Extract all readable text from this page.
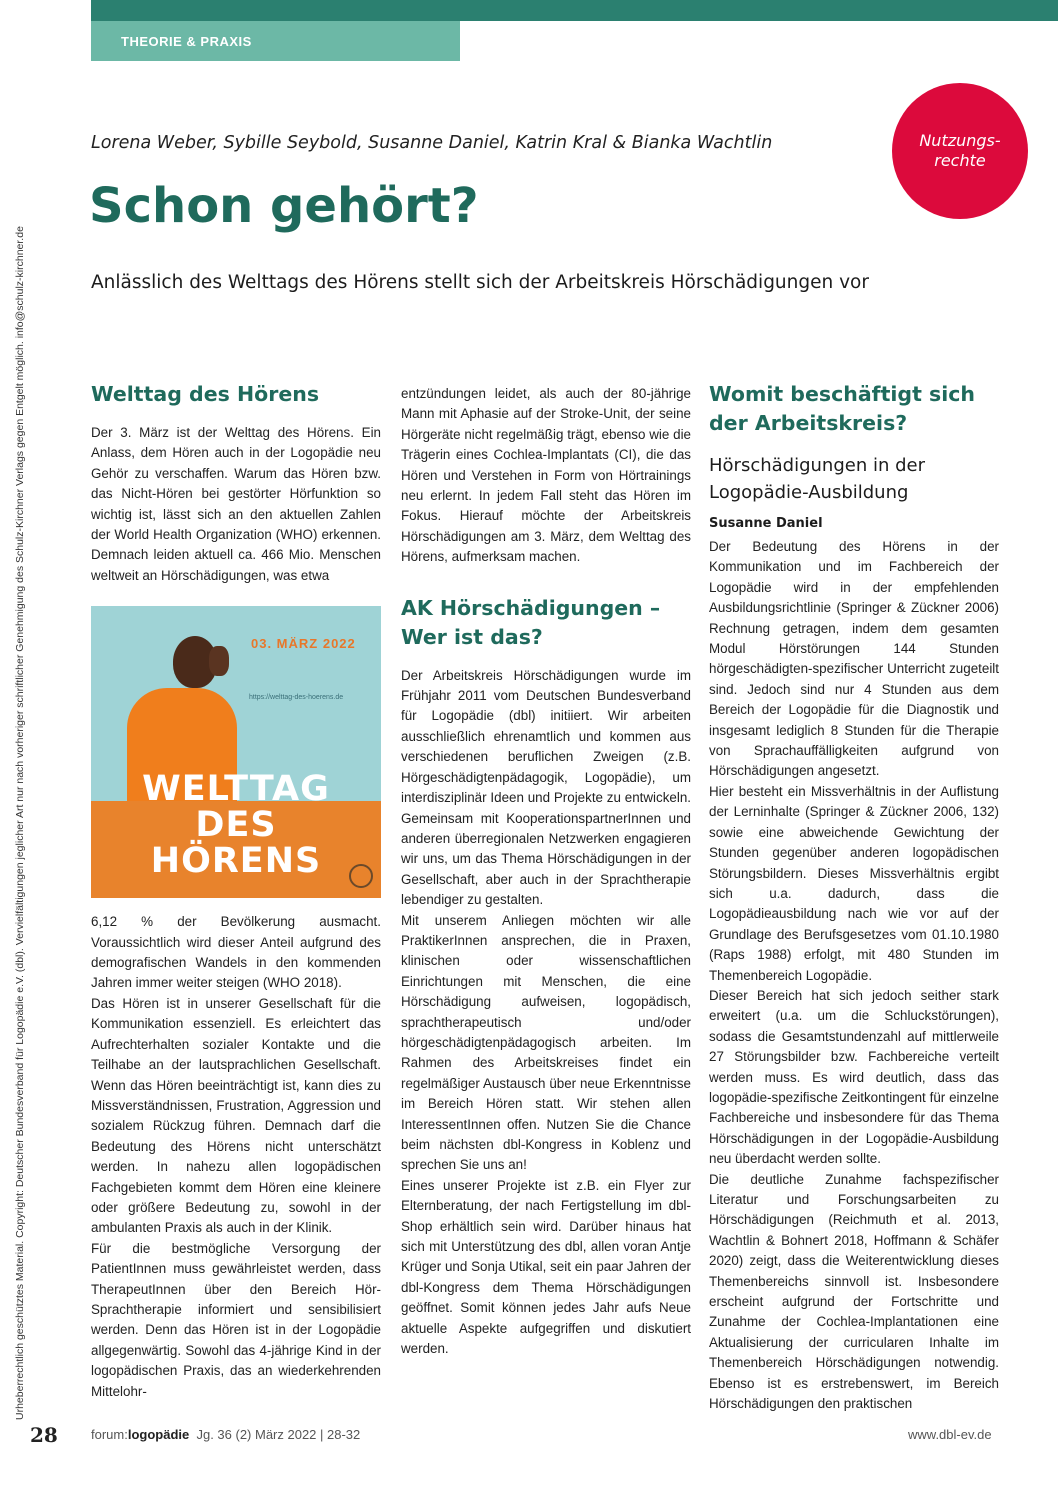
THEORIE & PRAXIS
Urheberrechtlich geschütztes Material. Copyright: Deutscher Bundesverband für Logopädie e.V. (dbl). Vervielfältigungen jeglicher Art nur nach vorheriger schriftlicher Genehmigung des Schulz-Kirchner Verlags gegen Entgelt möglich. info@schulz-kirchner.de
Nutzungs-
rechte
Lorena Weber, Sybille Seybold, Susanne Daniel, Katrin Kral & Bianka Wachtlin
Schon gehört?
Anlässlich des Welttags des Hörens stellt sich der Arbeitskreis Hörschädigungen vor
Welttag des Hörens

Der 3. März ist der Welttag des Hörens. Ein Anlass, dem Hören auch in der Logopädie neu Gehör zu verschaffen. Warum das Hören bzw. das Nicht-Hören bei gestörter Hörfunktion so wichtig ist, lässt sich an den aktuellen Zahlen der World Health Organization (WHO) erkennen. Demnach leiden aktuell ca. 466 Mio. Menschen weltweit an Hörschädigungen, was etwa

03. MÄRZ 2022
https://welttag-des-hoerens.de
WELTTAG
DES
HÖRENS

6,12 % der Bevölkerung ausmacht. Voraussichtlich wird dieser Anteil aufgrund des demografischen Wandels in den kommenden Jahren immer weiter steigen (WHO 2018).

Das Hören ist in unserer Gesellschaft für die Kommunikation essenziell. Es erleichtert das Aufrechterhalten sozialer Kontakte und die Teilhabe an der lautsprachlichen Gesellschaft. Wenn das Hören beeinträchtigt ist, kann dies zu Missverständnissen, Frustration, Aggression und sozialem Rückzug führen. Demnach darf die Bedeutung des Hörens nicht unterschätzt werden. In nahezu allen logopädischen Fachgebieten kommt dem Hören eine kleinere oder größere Bedeutung zu, sowohl in der ambulanten Praxis als auch in der Klinik.

Für die bestmögliche Versorgung der PatientInnen muss gewährleistet werden, dass TherapeutInnen über den Bereich Hör-Sprachtherapie informiert und sensibilisiert werden. Denn das Hören ist in der Logopädie allgegenwärtig. Sowohl das 4-jährige Kind in der logopädischen Praxis, das an wiederkehrenden Mittelohr-

entzündungen leidet, als auch der 80-jährige Mann mit Aphasie auf der Stroke-Unit, der seine Hörgeräte nicht regelmäßig trägt, ebenso wie die Trägerin eines Cochlea-Implantats (CI), die das Hören und Verstehen in Form von Hörtrainings neu erlernt. In jedem Fall steht das Hören im Fokus. Hierauf möchte der Arbeitskreis Hörschädigungen am 3. März, dem Welttag des Hörens, aufmerksam machen.

AK Hörschädigungen – Wer ist das?

Der Arbeitskreis Hörschädigungen wurde im Frühjahr 2011 vom Deutschen Bundesverband für Logopädie (dbl) initiiert. Wir arbeiten ausschließlich ehrenamtlich und kommen aus verschiedenen beruflichen Zweigen (z.B. Hörgeschädigtenpädagogik, Logopädie), um interdisziplinär Ideen und Projekte zu entwickeln. Gemeinsam mit KooperationspartnerInnen und anderen überregionalen Netzwerken engagieren wir uns, um das Thema Hörschädigungen in der Gesellschaft, aber auch in der Sprachtherapie lebendiger zu gestalten.

Mit unserem Anliegen möchten wir alle PraktikerInnen ansprechen, die in Praxen, klinischen oder wissenschaftlichen Einrichtungen mit Menschen, die eine Hörschädigung aufweisen, logopädisch, sprachtherapeutisch und/oder hörgeschädigtenpädagogisch arbeiten. Im Rahmen des Arbeitskreises findet ein regelmäßiger Austausch über neue Erkenntnisse im Bereich Hören statt. Wir stehen allen InteressentInnen offen. Nutzen Sie die Chance beim nächsten dbl-Kongress in Koblenz und sprechen Sie uns an!

Eines unserer Projekte ist z.B. ein Flyer zur Elternberatung, der nach Fertigstellung im dbl-Shop erhältlich sein wird. Darüber hinaus hat sich mit Unterstützung des dbl, allen voran Antje Krüger und Sonja Utikal, seit ein paar Jahren der dbl-Kongress dem Thema Hörschädigungen geöffnet. Somit können jedes Jahr aufs Neue aktuelle Aspekte aufgegriffen und diskutiert werden.

Womit beschäftigt sich der Arbeitskreis?
Hörschädigungen in der Logopädie-Ausbildung
Susanne Daniel

Der Bedeutung des Hörens in der Kommunikation und im Fachbereich der Logopädie wird in der empfehlenden Ausbildungsrichtlinie (Springer & Zückner 2006) Rechnung getragen, indem dem gesamten Modul Hörstörungen 144 Stunden hörgeschädigten-spezifischer Unterricht zugeteilt sind. Jedoch sind nur 4 Stunden aus dem Bereich der Logopädie für die Diagnostik und insgesamt lediglich 8 Stunden für die Therapie von Sprachauffälligkeiten aufgrund von Hörschädigungen angesetzt.

Hier besteht ein Missverhältnis in der Auflistung der Lerninhalte (Springer & Zückner 2006, 132) sowie eine abweichende Gewichtung der Stunden gegenüber anderen logopädischen Störungsbildern. Dieses Missverhältnis ergibt sich u.a. dadurch, dass die Logopädieausbildung nach wie vor auf der Grundlage des Berufsgesetzes vom 01.10.1980 (Raps 1988) erfolgt, mit 480 Stunden im Themenbereich Logopädie.

Dieser Bereich hat sich jedoch seither stark erweitert (u.a. um die Schluckstörungen), sodass die Gesamtstundenzahl auf mittlerweile 27 Störungsbilder bzw. Fachbereiche verteilt werden muss. Es wird deutlich, dass das logopädie-spezifische Zeitkontingent für einzelne Fachbereiche und insbesondere für das Thema Hörschädigungen in der Logopädie-Ausbildung neu überdacht werden sollte.

Die deutliche Zunahme fachspezifischer Literatur und Forschungsarbeiten zu Hörschädigungen (Reichmuth et al. 2013, Wachtlin & Bohnert 2018, Hoffmann & Schäfer 2020) zeigt, dass die Weiterentwicklung dieses Themenbereichs sinnvoll ist. Insbesondere erscheint aufgrund der Fortschritte und Zunahme der Cochlea-Implantationen eine Aktualisierung der curricularen Inhalte im Themenbereich Hörschädigungen notwendig. Ebenso ist es erstrebenswert, im Bereich Hörschädigungen den praktischen

28	forum:logopädie Jg. 36 (2) März 2022 | 28-32	www.dbl-ev.de
